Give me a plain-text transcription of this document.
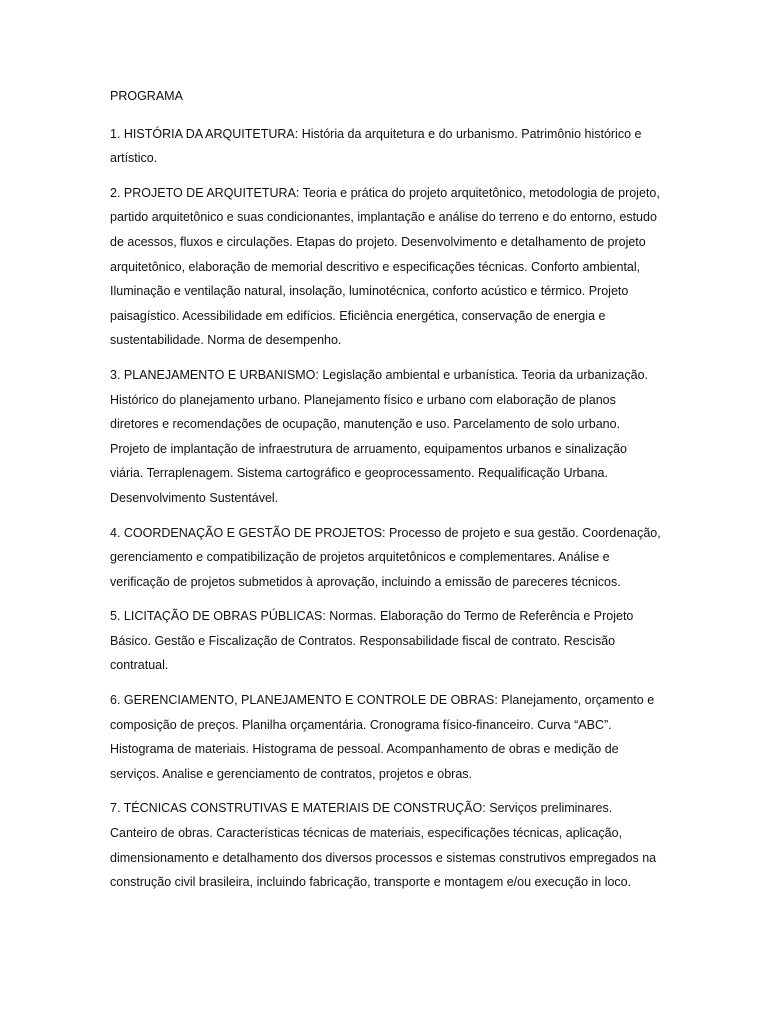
PROGRAMA

1. HISTÓRIA DA ARQUITETURA: História da arquitetura e do urbanismo. Patrimônio histórico e artístico.

2. PROJETO DE ARQUITETURA: Teoria e prática do projeto arquitetônico, metodologia de projeto, partido arquitetônico e suas condicionantes, implantação e análise do terreno e do entorno, estudo de acessos, fluxos e circulações. Etapas do projeto. Desenvolvimento e detalhamento de projeto arquitetônico, elaboração de memorial descritivo e especificações técnicas. Conforto ambiental, Iluminação e ventilação natural, insolação, luminotécnica, conforto acústico e térmico. Projeto paisagístico. Acessibilidade em edifícios. Eficiência energética, conservação de energia e sustentabilidade. Norma de desempenho.

3. PLANEJAMENTO E URBANISMO: Legislação ambiental e urbanística. Teoria da urbanização. Histórico do planejamento urbano. Planejamento físico e urbano com elaboração de planos diretores e recomendações de ocupação, manutenção e uso. Parcelamento de solo urbano. Projeto de implantação de infraestrutura de arruamento, equipamentos urbanos e sinalização viária. Terraplenagem. Sistema cartográfico e geoprocessamento. Requalificação Urbana. Desenvolvimento Sustentável.

4. COORDENAÇÃO E GESTÃO DE PROJETOS: Processo de projeto e sua gestão. Coordenação, gerenciamento e compatibilização de projetos arquitetônicos e complementares. Análise e verificação de projetos submetidos à aprovação, incluindo a emissão de pareceres técnicos.

5. LICITAÇÃO DE OBRAS PÚBLICAS: Normas. Elaboração do Termo de Referência e Projeto Básico. Gestão e Fiscalização de Contratos. Responsabilidade fiscal de contrato. Rescisão contratual.

6. GERENCIAMENTO, PLANEJAMENTO E CONTROLE DE OBRAS: Planejamento, orçamento e composição de preços. Planilha orçamentária. Cronograma físico-financeiro. Curva “ABC”. Histograma de materiais. Histograma de pessoal. Acompanhamento de obras e medição de serviços. Analise e gerenciamento de contratos, projetos e obras.

7. TÉCNICAS CONSTRUTIVAS E MATERIAIS DE CONSTRUÇÃO: Serviços preliminares. Canteiro de obras. Características técnicas de materiais, especificações técnicas, aplicação, dimensionamento e detalhamento dos diversos processos e sistemas construtivos empregados na construção civil brasileira, incluindo fabricação, transporte e montagem e/ou execução in loco.
